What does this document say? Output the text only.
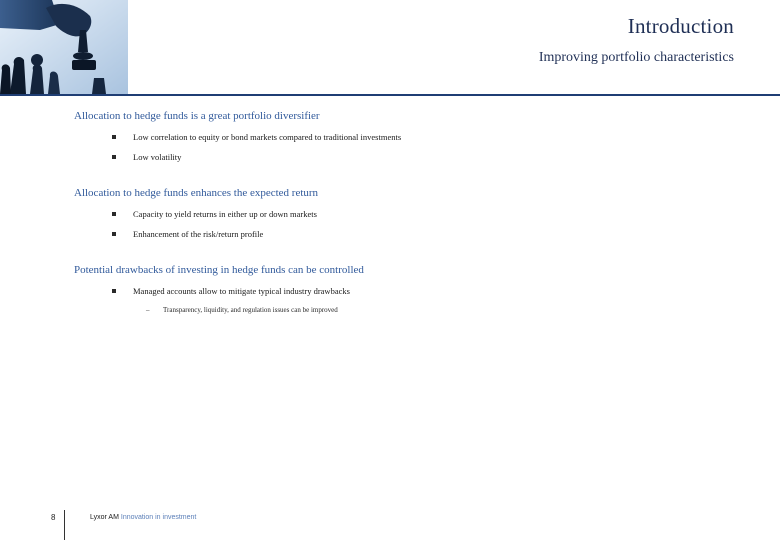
Introduction
Improving portfolio characteristics
Allocation to hedge funds is a great portfolio diversifier
Low correlation to equity or bond markets compared to traditional investments
Low volatility
Allocation to hedge funds enhances the expected return
Capacity to yield returns in either up or down markets
Enhancement of the risk/return profile
Potential drawbacks of investing in hedge funds can be controlled
Managed accounts allow to mitigate typical industry drawbacks
– Transparency, liquidity, and regulation issues can be improved
8	Lyxor AM Innovation in investment
